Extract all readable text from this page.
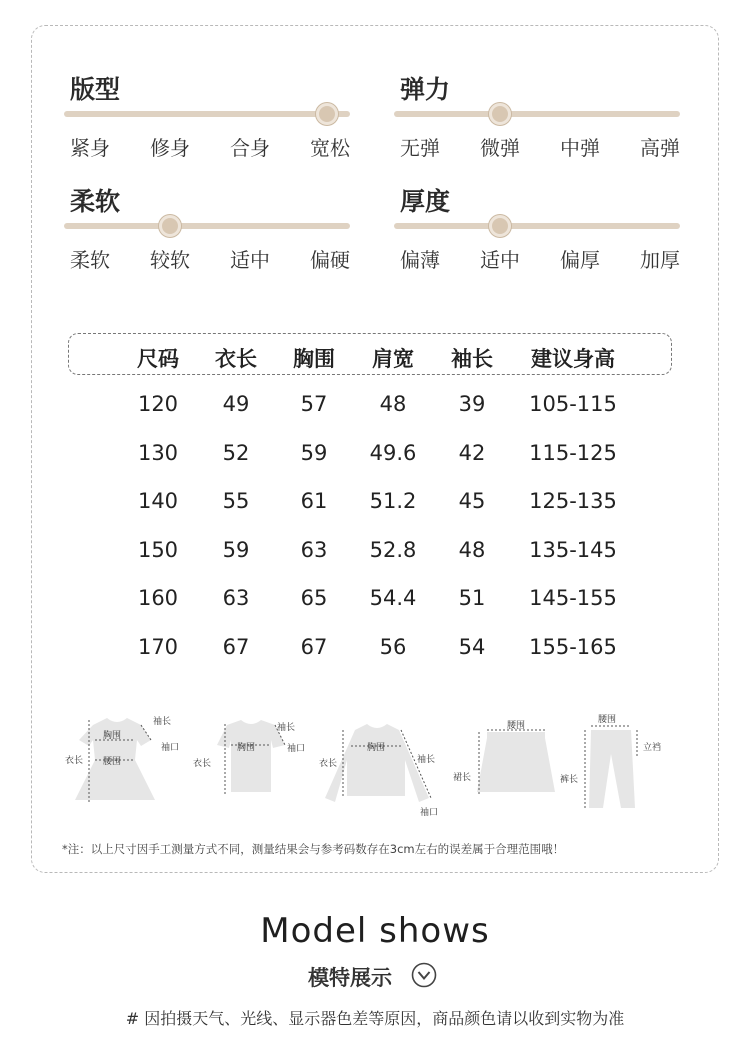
版型
紧身 修身 合身 宽松
弹力
无弹 微弹 中弹 高弹
柔软
柔软 较软 适中 偏硬
厚度
偏薄 适中 偏厚 加厚
尺码	衣长	胸围	肩宽	袖长	建议身高
120	49	57	48	39	105-115
130	52	59	49.6	42	115-125
140	55	61	51.2	45	125-135
150	59	63	52.8	48	135-145
160	63	65	54.4	51	145-155
170	67	67	56	54	155-165
袖长
胸围
袖口
衣长 腰围
袖长
胸围	袖口
衣长
胸围
衣长	袖长
袖口
腰围
裙长
腰围
立裆
裤长
*注：以上尺寸因手工测量方式不同，测量结果会与参考码数存在3cm左右的误差属于合理范围哦！
Model shows
模特展示
# 因拍摄天气、光线、显示器色差等原因，商品颜色请以收到实物为准
